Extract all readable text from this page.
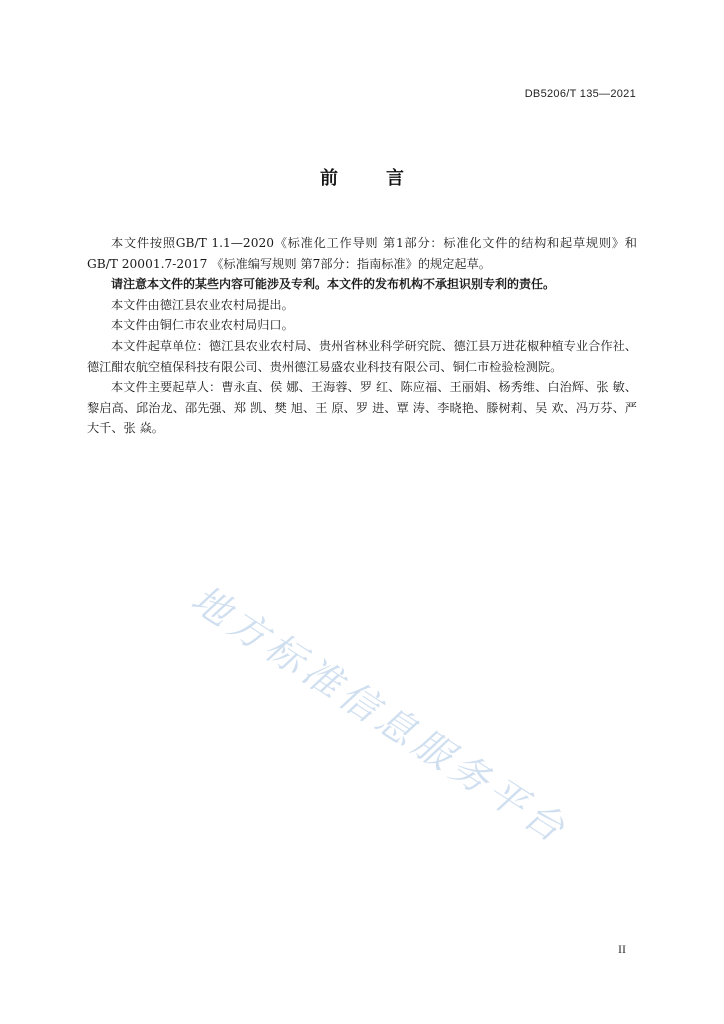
DB5206/T 135—2021
前	言

本文件按照GB/T 1.1—2020《标准化工作导则 第1部分：标准化文件的结构和起草规则》和GB/T 20001.7-2017 《标准编写规则 第7部分：指南标准》的规定起草。

请注意本文件的某些内容可能涉及专利。本文件的发布机构不承担识别专利的责任。

本文件由德江县农业农村局提出。

本文件由铜仁市农业农村局归口。

本文件起草单位：德江县农业农村局、贵州省林业科学研究院、德江县万进花椒种植专业合作社、德江酣农航空植保科技有限公司、贵州德江易盛农业科技有限公司、铜仁市检验检测院。

本文件主要起草人：曹永直、侯 娜、王海蓉、罗 红、陈应福、王丽娟、杨秀维、白治辉、张 敏、黎启高、邱治龙、邵先强、郑 凯、樊 旭、王 原、罗 进、覃 涛、李晓艳、滕树莉、吴 欢、冯万芬、严大千、张 焱。

地方标准信息服务平台
II
